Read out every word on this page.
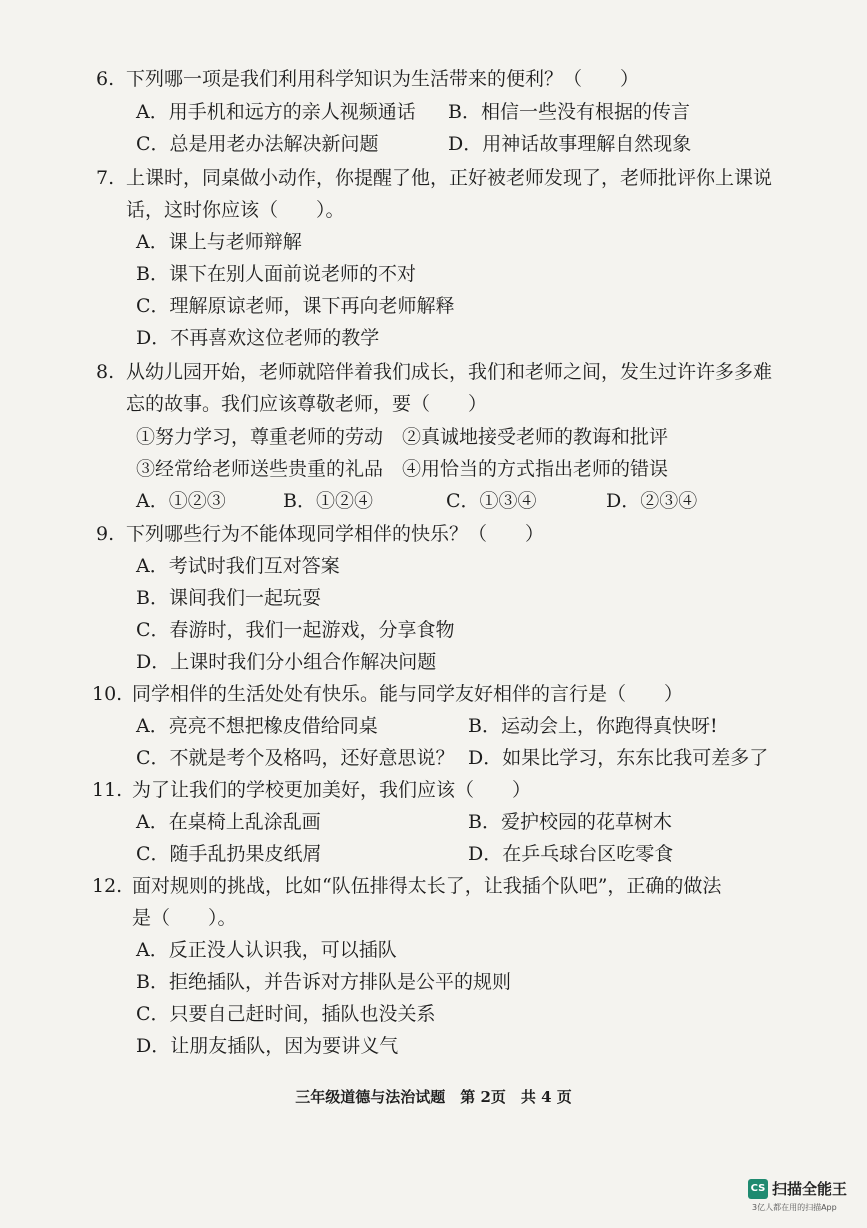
6. 下列哪一项是我们利用科学知识为生活带来的便利？（　　）
A．用手机和远方的亲人视频通话 B．相信一些没有根据的传言
C．总是用老办法解决新问题	D．用神话故事理解自然现象
7. 上课时，同桌做小动作，你提醒了他，正好被老师发现了，老师批评你上课说
话，这时你应该（　　）。
A．课上与老师辩解
B．课下在别人面前说老师的不对
C．理解原谅老师，课下再向老师解释
D．不再喜欢这位老师的教学
8. 从幼儿园开始，老师就陪伴着我们成长，我们和老师之间，发生过许许多多难
忘的故事。我们应该尊敬老师，要（　　）
①努力学习，尊重老师的劳动　②真诚地接受老师的教诲和批评
③经常给老师送些贵重的礼品　④用恰当的方式指出老师的错误
A．①②③	B．①②④	C．①③④	D．②③④
9. 下列哪些行为不能体现同学相伴的快乐？（　　）
A．考试时我们互对答案
B．课间我们一起玩耍
C．春游时，我们一起游戏，分享食物
D．上课时我们分小组合作解决问题
10. 同学相伴的生活处处有快乐。能与同学友好相伴的言行是（　　）
A．亮亮不想把橡皮借给同桌	B．运动会上，你跑得真快呀!
C．不就是考个及格吗，还好意思说？ D．如果比学习，东东比我可差多了
11. 为了让我们的学校更加美好，我们应该（　　）
A．在桌椅上乱涂乱画	B．爱护校园的花草树木
C．随手乱扔果皮纸屑	D．在乒乓球台区吃零食
12. 面对规则的挑战，比如“队伍排得太长了，让我插个队吧”，正确的做法
是（　　）。
A．反正没人认识我，可以插队
B．拒绝插队，并告诉对方排队是公平的规则
C．只要自己赶时间，插队也没关系
D．让朋友插队，因为要讲义气
三年级道德与法治试题　第 2页　共 4 页
CS 扫描全能王
3亿人都在用的扫描App
